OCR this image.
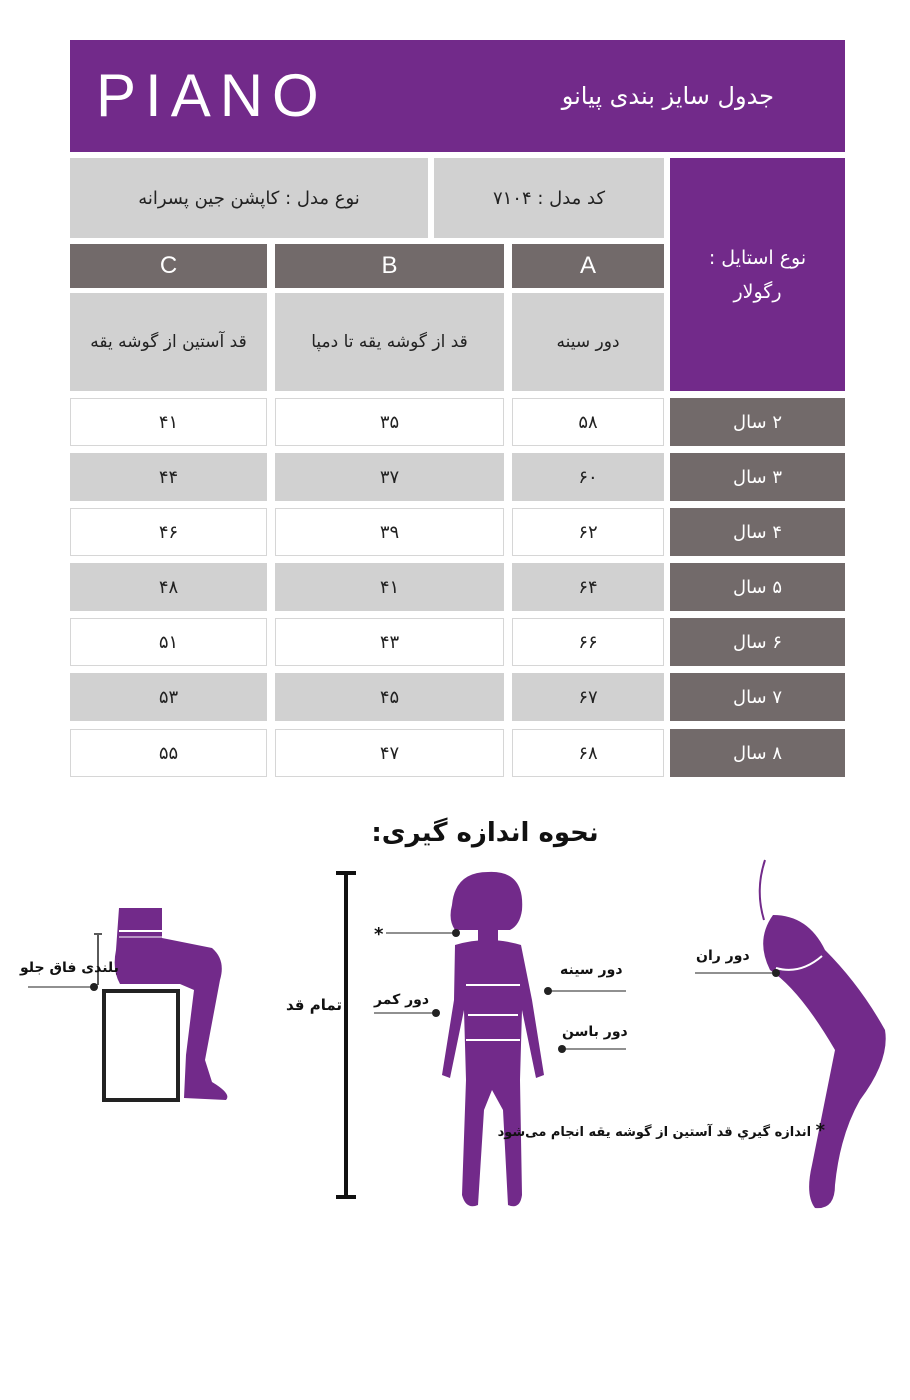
PIANO	جدول سایز بندی پیانو
نوع مدل : کاپشن جین پسرانه	کد مدل : ۷۱۰۴
نوع استایل :
رگولار
A
B
C
دور سینه
قد از گوشه یقه تا دمپا
قد آستین از گوشه یقه
۲ سال
۵۸
۳۵
۴۱
۳ سال
۶۰
۳۷
۴۴
۴ سال
۶۲
۳۹
۴۶
۵ سال
۶۴
۴۱
۴۸
۶ سال
۶۶
۴۳
۵۱
۷ سال
۶۷
۴۵
۵۳
۸ سال
۶۸
۴۷
۵۵
نحوه اندازه گیری:
بلندی فاق جلو
تمام قد دور کمر
*
دور سینه
دور باسن
دور ران
* اندازه گیري قد آستين از گوشه يقه انجام می‌شود
